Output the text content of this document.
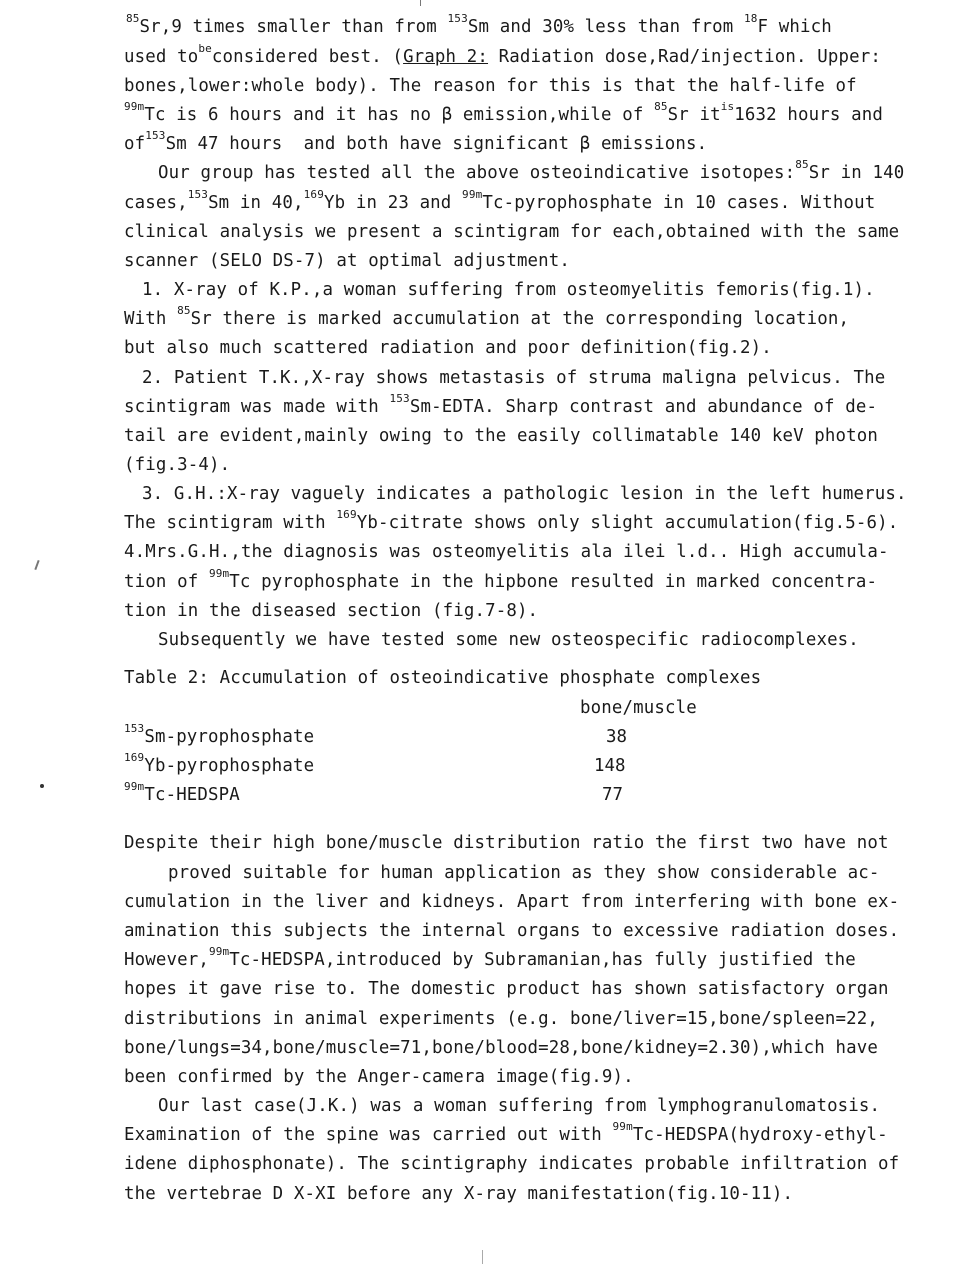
$^{85}$Sr,9 times smaller than from $^{153}$Sm and 30% less than from $^{18}$F which

used $to^{be}considered$ best. (Graph 2: Radiation dose,Rad/injection. Upper:

bones,lower:whole body). The reason for this is that the half-life of

$^{99m}$Tc is 6 hours and it has no β emission,while of $^{85}$Sr $it^{is}1632$ hours and

$of^{153}Sm$ 47 hours  and both have significant β emissions.

Our group has tested all the above osteoindicative isotopes:$^{85}$Sr in 140

cases,$^{153}$Sm in 40,$^{169}$Yb in 23 and $^{99m}$Tc-pyrophosphate in 10 cases. Without

clinical analysis we present a scintigram for each,obtained with the same

scanner (SELO DS-7) at optimal adjustment.

1. X-ray of K.P.,a woman suffering from osteomyelitis femoris(fig.1).

With $^{85}$Sr there is marked accumulation at the corresponding location,

but also much scattered radiation and poor definition(fig.2).

2. Patient T.K.,X-ray shows metastasis of struma maligna pelvicus. The

scintigram was made with $^{153}$Sm-EDTA. Sharp contrast and abundance of de-

tail are evident,mainly owing to the easily collimatable 140 keV photon

(fig.3-4).

3. G.H.:X-ray vaguely indicates a pathologic lesion in the left humerus.

The scintigram with $^{169}$Yb-citrate shows only slight accumulation(fig.5-6).

4.Mrs.G.H.,the diagnosis was osteomyelitis ala ilei l.d.. High accumula-

tion of $^{99m}$Tc pyrophosphate in the hipbone resulted in marked concentra-

tion in the diseased section (fig.7-8).

Subsequently we have tested some new osteospecific radiocomplexes.

Table 2: Accumulation of osteoindicative phosphate complexes

bone/muscle

$^{153}$Sm-pyrophosphate	38

$^{169}$Yb-pyrophosphate	148

$^{99m}$Tc-HEDSPA	77

Despite their high bone/muscle distribution ratio the first two have not

proved suitable for human application as they show considerable ac-

cumulation in the liver and kidneys. Apart from interfering with bone ex-

amination this subjects the internal organs to excessive radiation doses.

However,$^{99m}$Tc-HEDSPA,introduced by Subramanian,has fully justified the

hopes it gave rise to. The domestic product has shown satisfactory organ

distributions in animal experiments (e.g. bone/liver=15,bone/spleen=22,

bone/lungs=34,bone/muscle=71,bone/blood=28,bone/kidney=2.30),which have

been confirmed by the Anger-camera image(fig.9).

Our last case(J.K.) was a woman suffering from lymphogranulomatosis.

Examination of the spine was carried out with $^{99m}$Tc-HEDSPA(hydroxy-ethyl-

idene diphosphonate). The scintigraphy indicates probable infiltration of

the vertebrae D X-XI before any X-ray manifestation(fig.10-11).
